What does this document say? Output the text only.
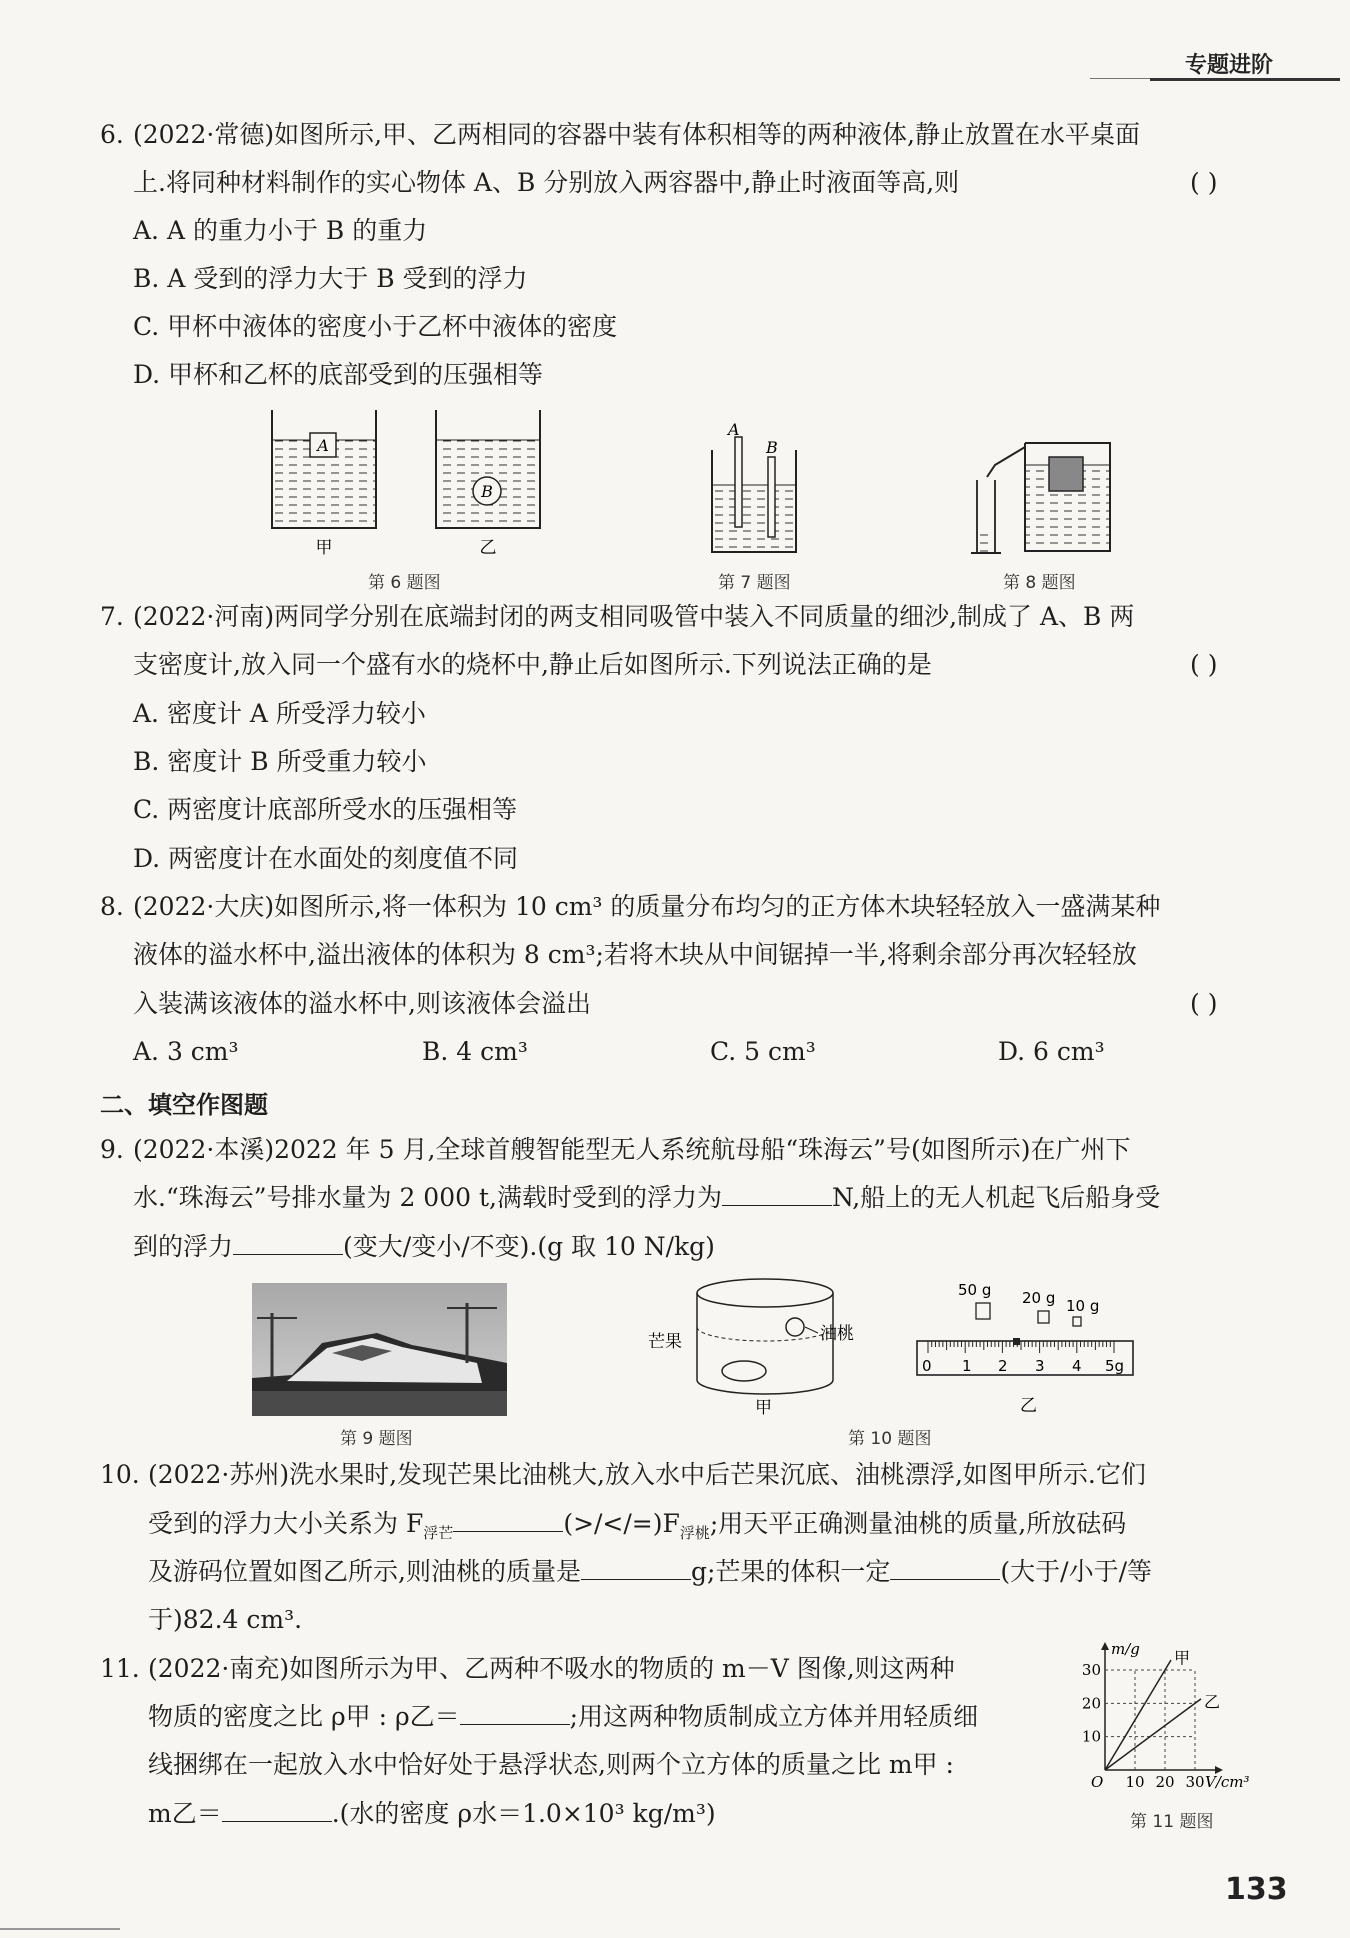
专题进阶
6. (2022·常德)如图所示,甲、乙两相同的容器中装有体积相等的两种液体,静止放置在水平桌面
上.将同种材料制作的实心物体 A、B 分别放入两容器中,静止时液面等高,则	( )
A. A 的重力小于 B 的重力
B. A 受到的浮力大于 B 受到的浮力
C. 甲杯中液体的密度小于乙杯中液体的密度
D. 甲杯和乙杯的底部受到的压强相等
A
B
甲	乙
第 6 题图
A
B
第 7 题图	第 8 题图
7. (2022·河南)两同学分别在底端封闭的两支相同吸管中装入不同质量的细沙,制成了 A、B 两
支密度计,放入同一个盛有水的烧杯中,静止后如图所示.下列说法正确的是	( )
A. 密度计 A 所受浮力较小
B. 密度计 B 所受重力较小
C. 两密度计底部所受水的压强相等
D. 两密度计在水面处的刻度值不同
8. (2022·大庆)如图所示,将一体积为 10 cm³ 的质量分布均匀的正方体木块轻轻放入一盛满某种
液体的溢水杯中,溢出液体的体积为 8 cm³;若将木块从中间锯掉一半,将剩余部分再次轻轻放
入装满该液体的溢水杯中,则该液体会溢出	( )
A. 3 cm³	B. 4 cm³	C. 5 cm³	D. 6 cm³
二、填空作图题
9. (2022·本溪)2022 年 5 月,全球首艘智能型无人系统航母船“珠海云”号(如图所示)在广州下
水.“珠海云”号排水量为 2 000 t,满载时受到的浮力为	N,船上的无人机起飞后船身受
到的浮力	(变大/变小/不变).(g 取 10 N/kg)
第 9 题图
芒果	油桃
甲
50 g 20 g 10 g
0 1 2 3 4 5g
乙
第 10 题图
10. (2022·苏州)洗水果时,发现芒果比油桃大,放入水中后芒果沉底、油桃漂浮,如图甲所示.它们
受到的浮力大小关系为 $F_{浮芒}$	$(>/</=)F_{浮桃}$;用天平正确测量油桃的质量,所放砝码
及游码位置如图乙所示,则油桃的质量是	g;芒果的体积一定	(大于/小于/等
于)82.4 cm³.
11. (2022·南充)如图所示为甲、乙两种不吸水的物质的 m－V 图像,则这两种
物质的密度之比 ρ甲 : ρ乙＝	;用这两种物质制成立方体并用轻质细
线捆绑在一起放入水中恰好处于悬浮状态,则两个立方体的质量之比 m甲 :
m乙＝	.(水的密度 ρ水＝1.0×10³ kg/m³)
10 20 30
10
20
30
O	V/cm³
m/g 甲
乙
第 11 题图
133
